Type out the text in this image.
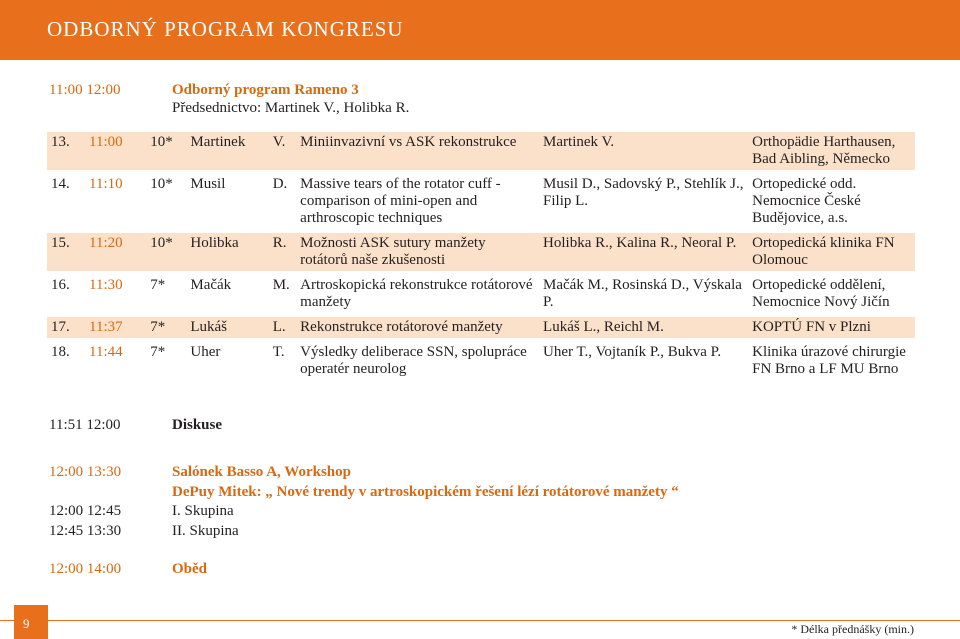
ODBORNÝ PROGRAM KONGRESU
11:00 12:00	Odborný program Rameno 3
Předsednictvo: Martinek V., Holibka R.
13.	11:00	10*	Martinek	V.	Miniinvazivní vs ASK rekonstrukce	Martinek V.	Orthopädie Harthausen, Bad Aibling, Německo
14.	11:10	10*	Musil	D.	Massive tears of the rotator cuff - comparison of mini-open and arthroscopic techniques	Musil D., Sadovský P., Stehlík J., Filip L.	Ortopedické odd. Nemocnice České Budějovice, a.s.
15.	11:20	10*	Holibka	R.	Možnosti ASK sutury manžety rotátorů naše zkušenosti	Holibka R., Kalina R., Neoral P.	Ortopedická klinika FN Olomouc
16.	11:30	7*	Mačák	M.	Artroskopická rekonstrukce rotátorové manžety	Mačák M., Rosinská D., Výskala P.	Ortopedické oddělení, Nemocnice Nový Jičín
17.	11:37	7*	Lukáš	L.	Rekonstrukce rotátorové manžety	Lukáš L., Reichl M.	KOPTÚ FN v Plzni
18.	11:44	7*	Uher	T.	Výsledky deliberace SSN, spolupráce operatér neurolog	Uher T., Vojtaník P., Bukva P.	Klinika úrazové chirurgie FN Brno a LF MU Brno
11:51 12:00	Diskuse
12:00 13:30	Salónek Basso A, Workshop
DePuy Mitek: „ Nové trendy v artroskopickém řešení lézí rotátorové manžety “
12:00 12:45	I. Skupina
12:45 13:30	II. Skupina
12:00 14:00	Oběd
9	* Délka přednášky (min.)
